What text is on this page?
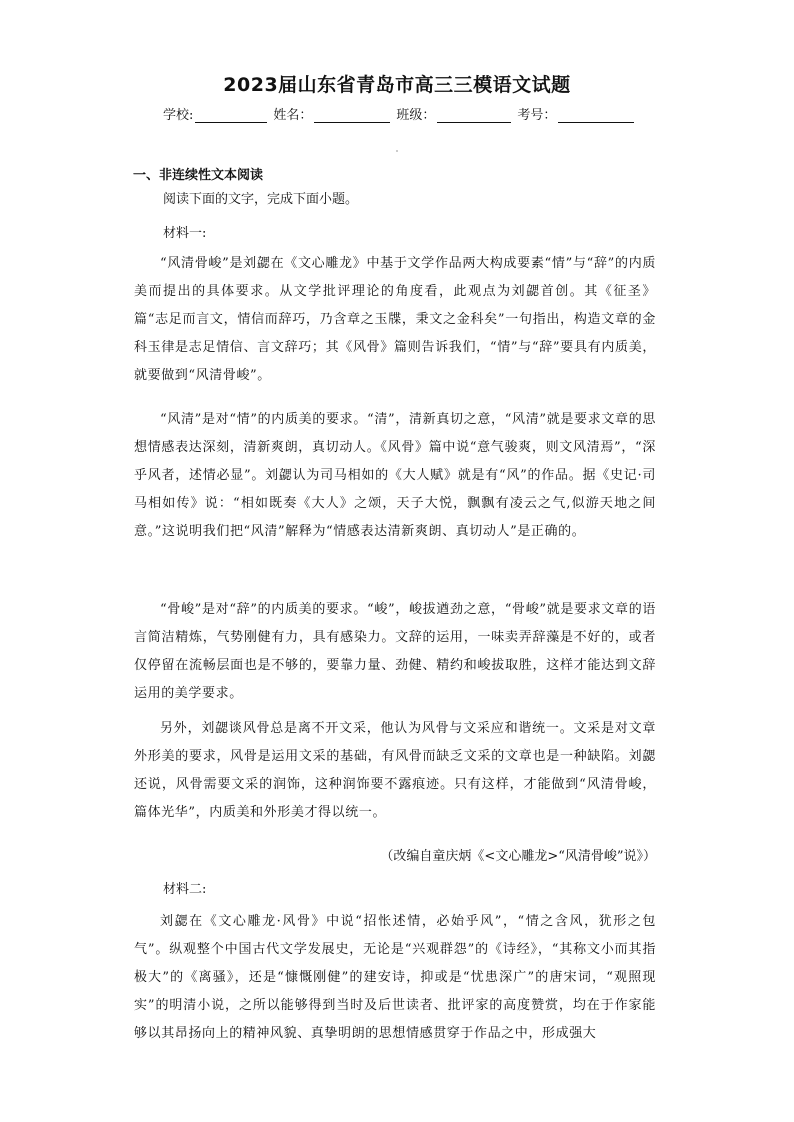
2023届山东省青岛市高三三模语文试题
学校:	姓名：	班级：	考号：
一、非连续性文本阅读
阅读下面的文字，完成下面小题。
材料一:
“风清骨峻”是刘勰在《文心雕龙》中基于文学作品两大构成要素“情”与“辞”的内质美而提出的具体要求。从文学批评理论的角度看，此观点为刘勰首创。其《征圣》篇“志足而言文，情信而辞巧，乃含章之玉牒，秉文之金科矣”一句指出，构造文章的金科玉律是志足情信、言文辞巧；其《风骨》篇则告诉我们，“情”与“辞”要具有内质美，就要做到“风清骨峻”。
“风清”是对“情”的内质美的要求。“清”，清新真切之意，“风清”就是要求文章的思想情感表达深刻，清新爽朗，真切动人。《风骨》篇中说“意气骏爽，则文风清焉”，“深乎风者，述情必显”。刘勰认为司马相如的《大人赋》就是有“风”的作品。据《史记·司马相如传》说：“相如既奏《大人》之颂，天子大悦，飘飘有凌云之气,似游天地之间意。”这说明我们把“风清”解释为“情感表达清新爽朗、真切动人”是正确的。
“骨峻”是对“辞”的内质美的要求。“峻”，峻拔遒劲之意，“骨峻”就是要求文章的语言简洁精炼，气势刚健有力，具有感染力。文辞的运用，一味卖弄辞藻是不好的，或者仅停留在流畅层面也是不够的，要靠力量、劲健、精约和峻拔取胜，这样才能达到文辞运用的美学要求。
另外，刘勰谈风骨总是离不开文采，他认为风骨与文采应和谐统一。文采是对文章外形美的要求，风骨是运用文采的基础，有风骨而缺乏文采的文章也是一种缺陷。刘勰还说，风骨需要文采的润饰，这种润饰要不露痕迹。只有这样，才能做到“风清骨峻，篇体光华”，内质美和外形美才得以统一。
（改编自童庆炳《<文心雕龙>“风清骨峻”说》）
材料二:
刘勰在《文心雕龙·风骨》中说“招怅述情，必始乎风”，“情之含风，犹形之包气”。纵观整个中国古代文学发展史，无论是“兴观群怨”的《诗经》，“其称文小而其指极大”的《离骚》，还是“慷慨刚健”的建安诗，抑或是“忧患深广”的唐宋词，“观照现实”的明清小说，之所以能够得到当时及后世读者、批评家的高度赞赏，均在于作家能够以其昂扬向上的精神风貌、真挚明朗的思想情感贯穿于作品之中，形成强大
